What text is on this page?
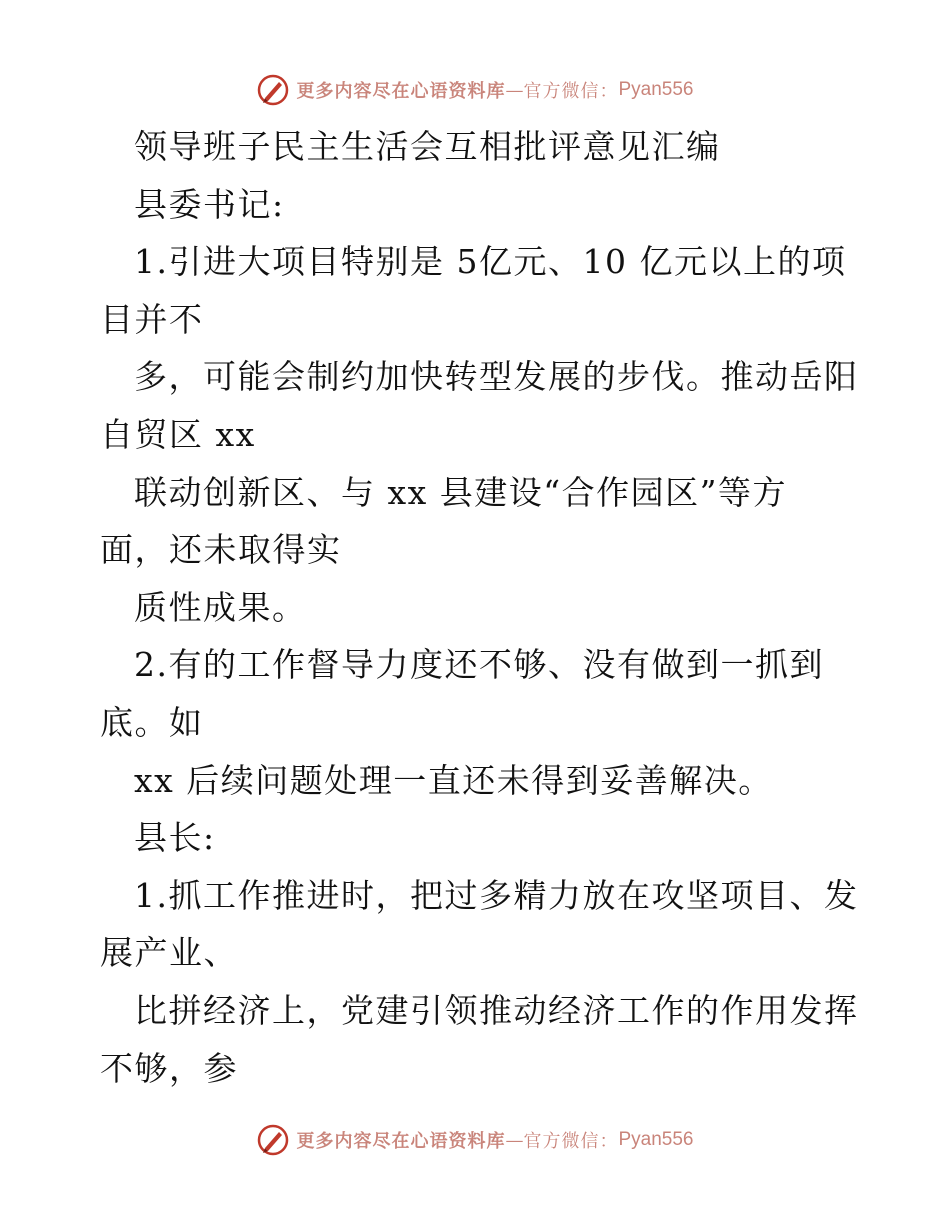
更多内容尽在心语资料库 — 官方微信： Pyan556
领导班子民主生活会互相批评意见汇编
县委书记:
1.引进大项目特别是 5亿元、10 亿元以上的项
目并不
多，可能会制约加快转型发展的步伐。推动岳阳
自贸区 xx
联动创新区、与 xx 县建设“合作园区”等方
面，还未取得实
质性成果。
2.有的工作督导力度还不够、没有做到一抓到
底。如
xx 后续问题处理一直还未得到妥善解决。
县长:
1.抓工作推进时，把过多精力放在攻坚项目、发
展产业、
比拼经济上，党建引领推动经济工作的作用发挥
不够，参
更多内容尽在心语资料库 — 官方微信： Pyan556
